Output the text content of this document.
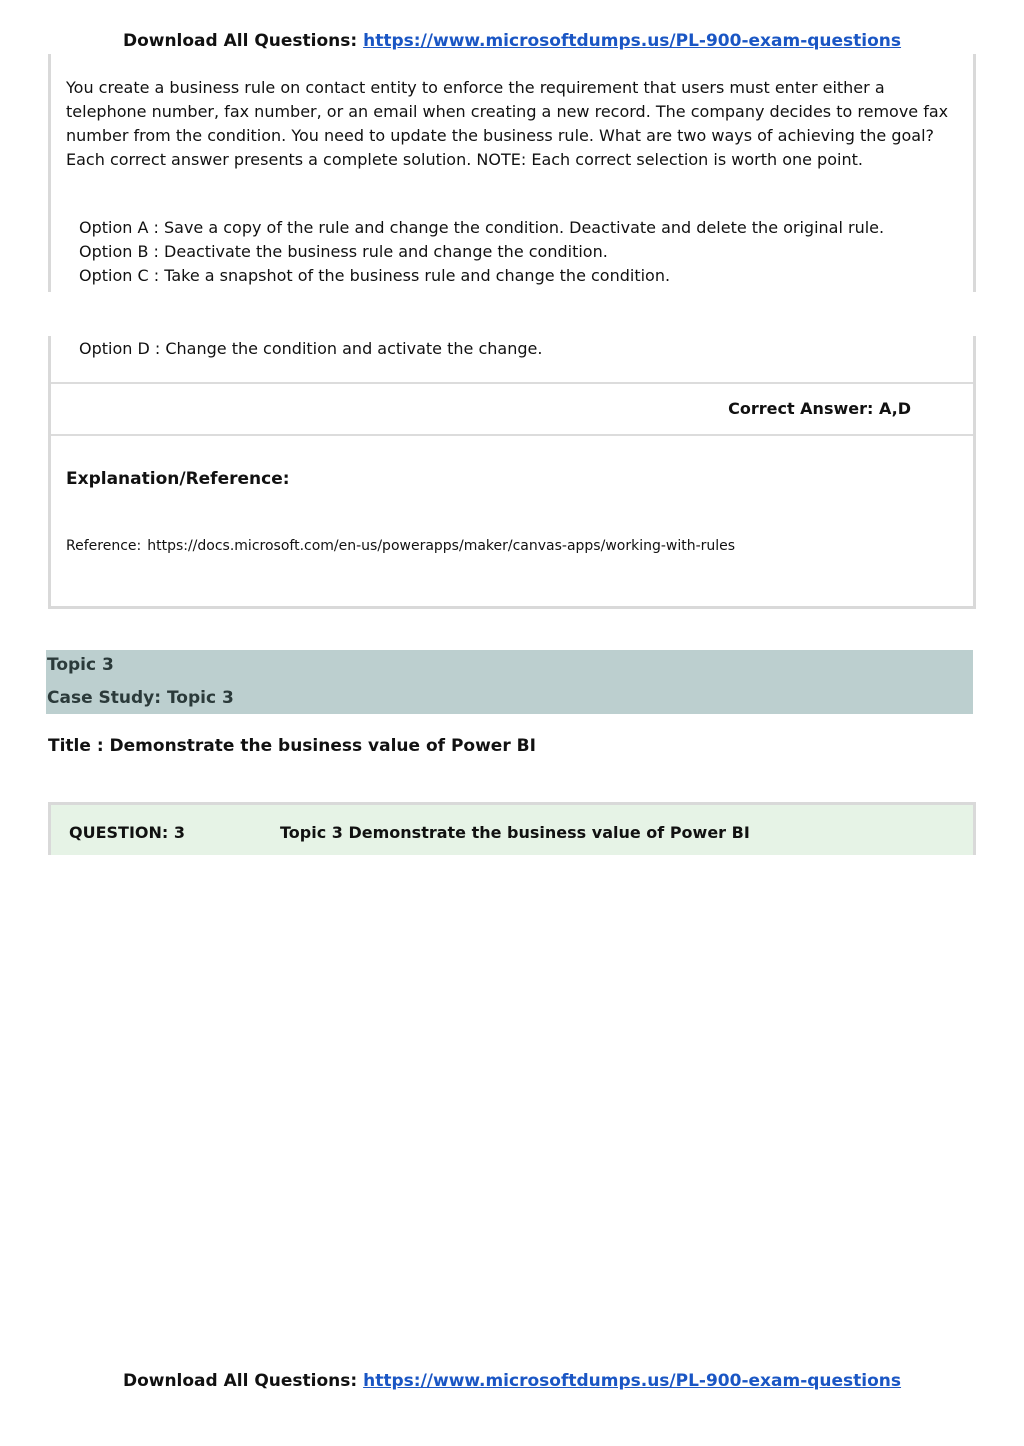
Download All Questions: https://www.microsoftdumps.us/PL-900-exam-questions

You create a business rule on contact entity to enforce the requirement that users must enter either a telephone number, fax number, or an email when creating a new record. The company decides to remove fax number from the condition. You need to update the business rule. What are two ways of achieving the goal? Each correct answer presents a complete solution. NOTE: Each correct selection is worth one point.

Option A : Save a copy of the rule and change the condition. Deactivate and delete the original rule.
Option B : Deactivate the business rule and change the condition.
Option C : Take a snapshot of the business rule and change the condition.
Option D : Change the condition and activate the change.
Correct Answer: A,D
Explanation/Reference:
Reference: https://docs.microsoft.com/en-us/powerapps/maker/canvas-apps/working-with-rules
Topic 3
Case Study: Topic 3
Title : Demonstrate the business value of Power BI
QUESTION: 3	Topic 3 Demonstrate the business value of Power BI
Download All Questions: https://www.microsoftdumps.us/PL-900-exam-questions
